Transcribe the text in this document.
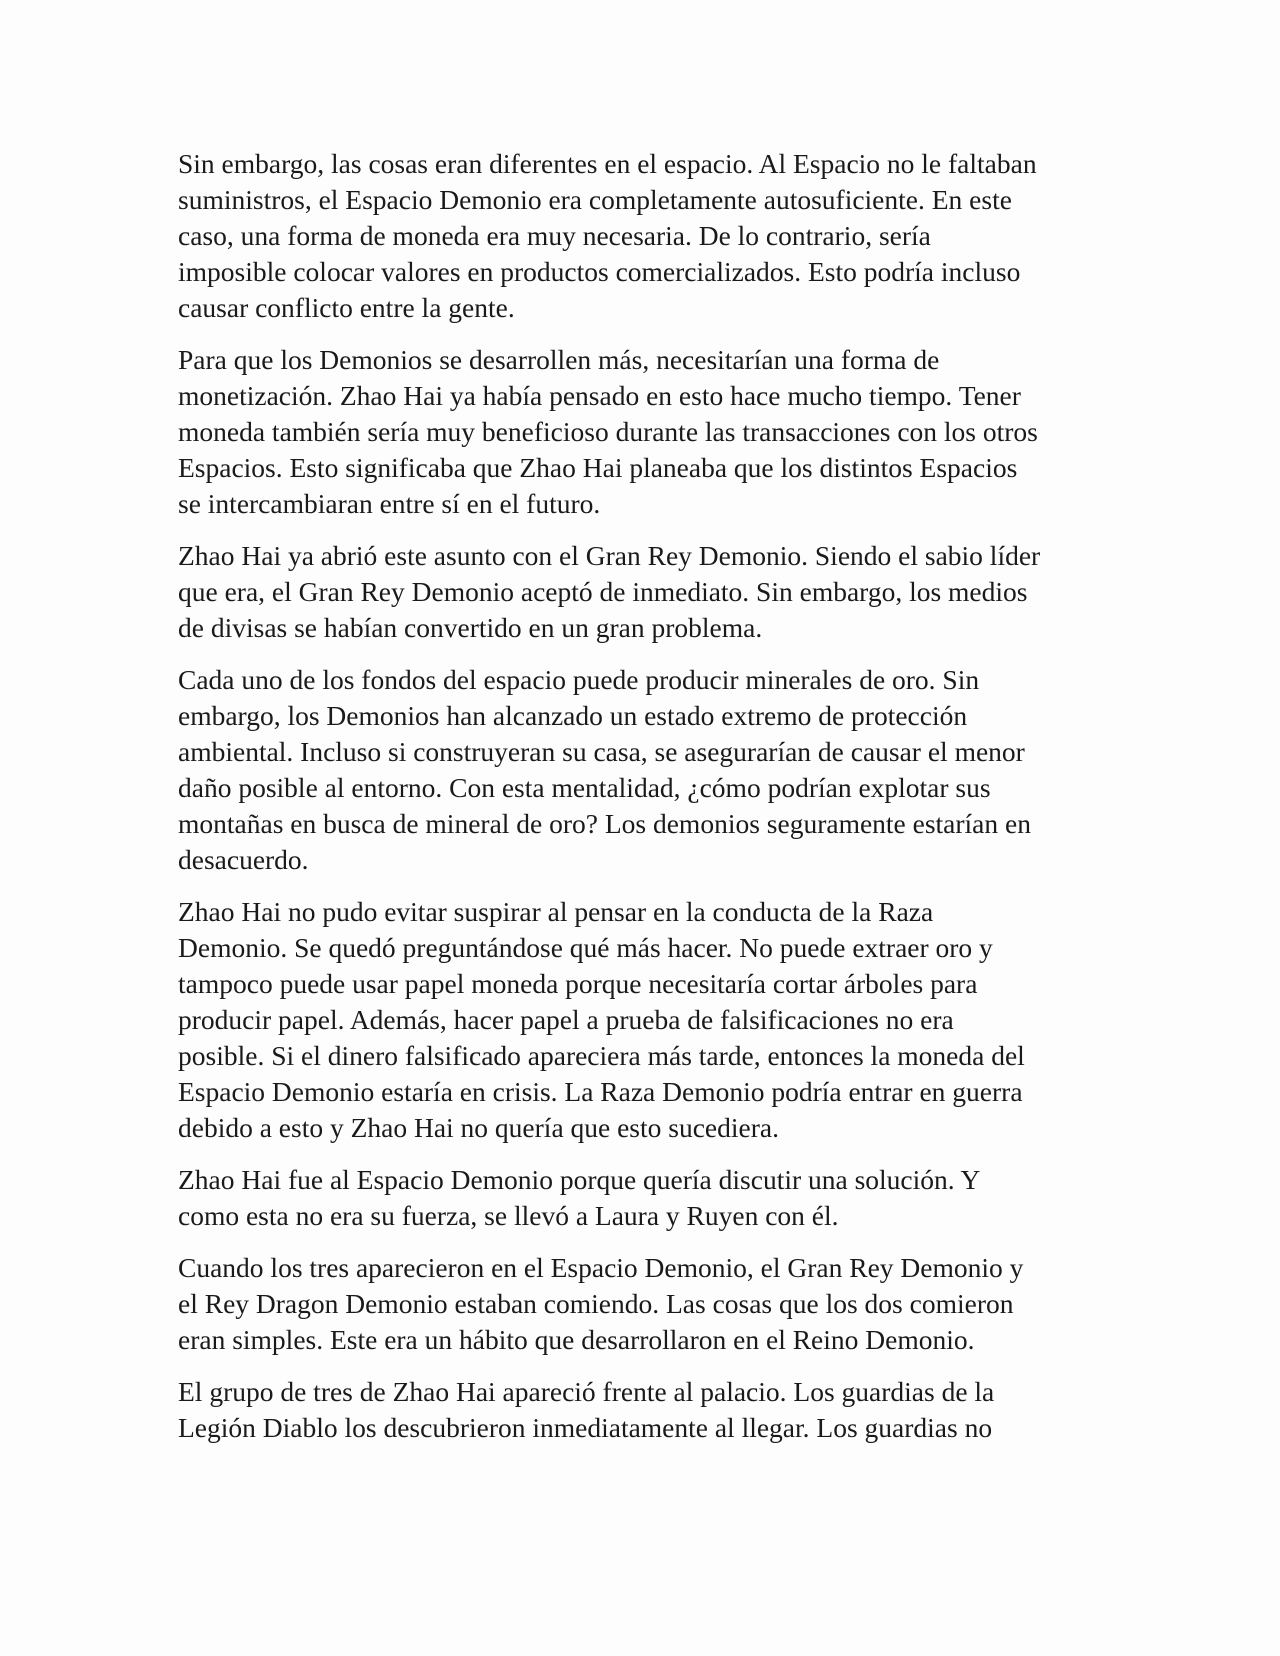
Sin embargo, las cosas eran diferentes en el espacio. Al Espacio no le faltaban
suministros, el Espacio Demonio era completamente autosuficiente. En este
caso, una forma de moneda era muy necesaria. De lo contrario, sería
imposible colocar valores en productos comercializados. Esto podría incluso
causar conflicto entre la gente.

Para que los Demonios se desarrollen más, necesitarían una forma de
monetización. Zhao Hai ya había pensado en esto hace mucho tiempo. Tener
moneda también sería muy beneficioso durante las transacciones con los otros
Espacios. Esto significaba que Zhao Hai planeaba que los distintos Espacios
se intercambiaran entre sí en el futuro.

Zhao Hai ya abrió este asunto con el Gran Rey Demonio. Siendo el sabio líder
que era, el Gran Rey Demonio aceptó de inmediato. Sin embargo, los medios
de divisas se habían convertido en un gran problema.

Cada uno de los fondos del espacio puede producir minerales de oro. Sin
embargo, los Demonios han alcanzado un estado extremo de protección
ambiental. Incluso si construyeran su casa, se asegurarían de causar el menor
daño posible al entorno. Con esta mentalidad, ¿cómo podrían explotar sus
montañas en busca de mineral de oro? Los demonios seguramente estarían en
desacuerdo.

Zhao Hai no pudo evitar suspirar al pensar en la conducta de la Raza
Demonio. Se quedó preguntándose qué más hacer. No puede extraer oro y
tampoco puede usar papel moneda porque necesitaría cortar árboles para
producir papel. Además, hacer papel a prueba de falsificaciones no era
posible. Si el dinero falsificado apareciera más tarde, entonces la moneda del
Espacio Demonio estaría en crisis. La Raza Demonio podría entrar en guerra
debido a esto y Zhao Hai no quería que esto sucediera.

Zhao Hai fue al Espacio Demonio porque quería discutir una solución. Y
como esta no era su fuerza, se llevó a Laura y Ruyen con él.

Cuando los tres aparecieron en el Espacio Demonio, el Gran Rey Demonio y
el Rey Dragon Demonio estaban comiendo. Las cosas que los dos comieron
eran simples. Este era un hábito que desarrollaron en el Reino Demonio.

El grupo de tres de Zhao Hai apareció frente al palacio. Los guardias de la
Legión Diablo los descubrieron inmediatamente al llegar. Los guardias no
